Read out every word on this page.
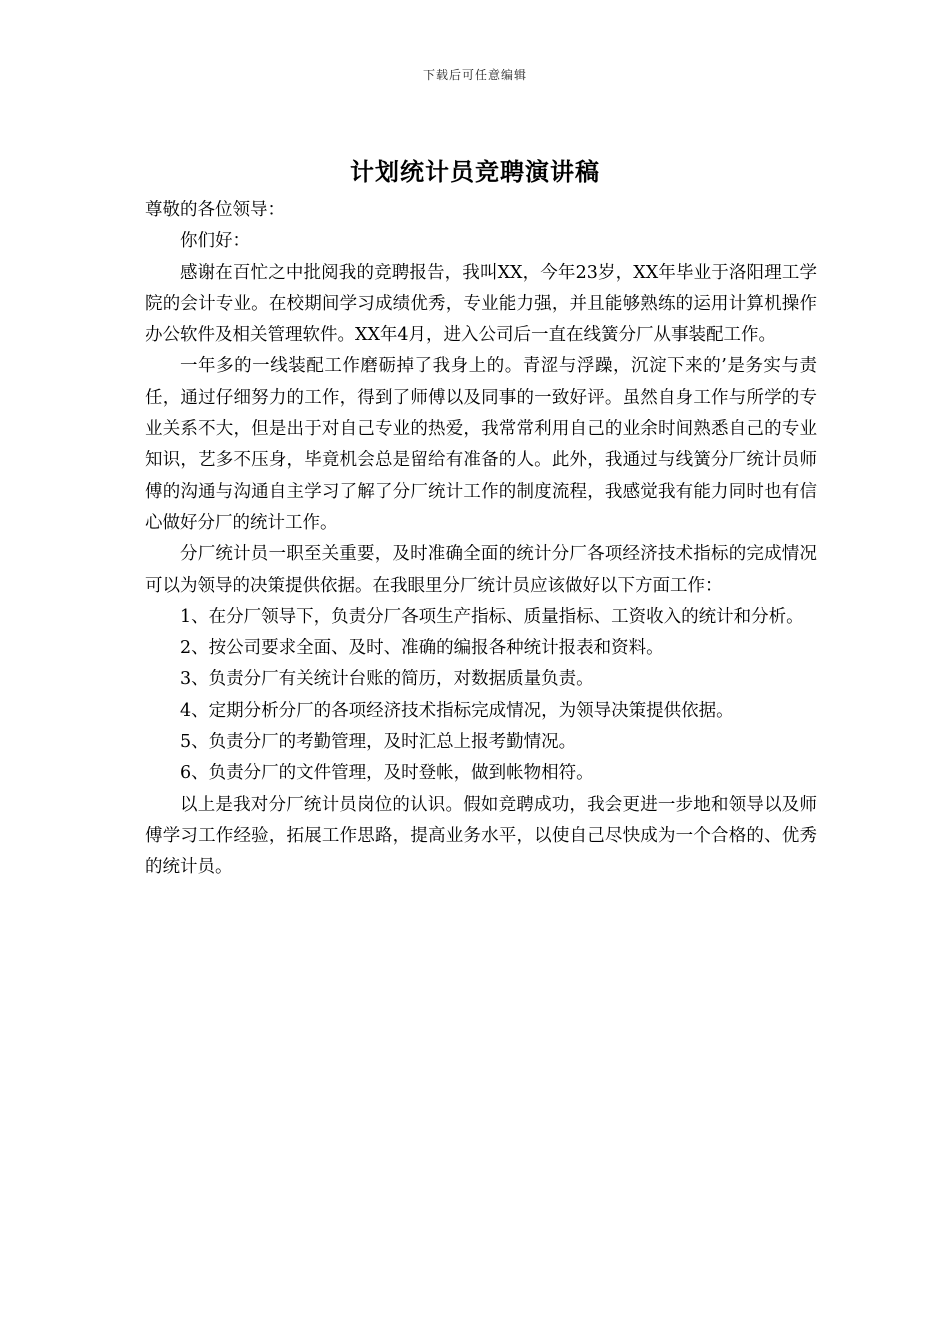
下载后可任意编辑
计划统计员竞聘演讲稿

尊敬的各位领导：

你们好：

感谢在百忙之中批阅我的竞聘报告，我叫XX，今年23岁，XX年毕业于洛阳理工学院的会计专业。在校期间学习成绩优秀，专业能力强，并且能够熟练的运用计算机操作办公软件及相关管理软件。XX年4月，进入公司后一直在线簧分厂从事装配工作。

一年多的一线装配工作磨砺掉了我身上的。青涩与浮躁，沉淀下来的’是务实与责任，通过仔细努力的工作，得到了师傅以及同事的一致好评。虽然自身工作与所学的专业关系不大，但是出于对自己专业的热爱，我常常利用自己的业余时间熟悉自己的专业知识，艺多不压身，毕竟机会总是留给有准备的人。此外，我通过与线簧分厂统计员师傅的沟通与沟通自主学习了解了分厂统计工作的制度流程，我感觉我有能力同时也有信心做好分厂的统计工作。

分厂统计员一职至关重要，及时准确全面的统计分厂各项经济技术指标的完成情况可以为领导的决策提供依据。在我眼里分厂统计员应该做好以下方面工作：

1、在分厂领导下，负责分厂各项生产指标、质量指标、工资收入的统计和分析。

2、按公司要求全面、及时、准确的编报各种统计报表和资料。

3、负责分厂有关统计台账的简历，对数据质量负责。

4、定期分析分厂的各项经济技术指标完成情况，为领导决策提供依据。

5、负责分厂的考勤管理，及时汇总上报考勤情况。

6、负责分厂的文件管理，及时登帐，做到帐物相符。

以上是我对分厂统计员岗位的认识。假如竞聘成功，我会更进一步地和领导以及师傅学习工作经验，拓展工作思路，提高业务水平，以使自己尽快成为一个合格的、优秀的统计员。
